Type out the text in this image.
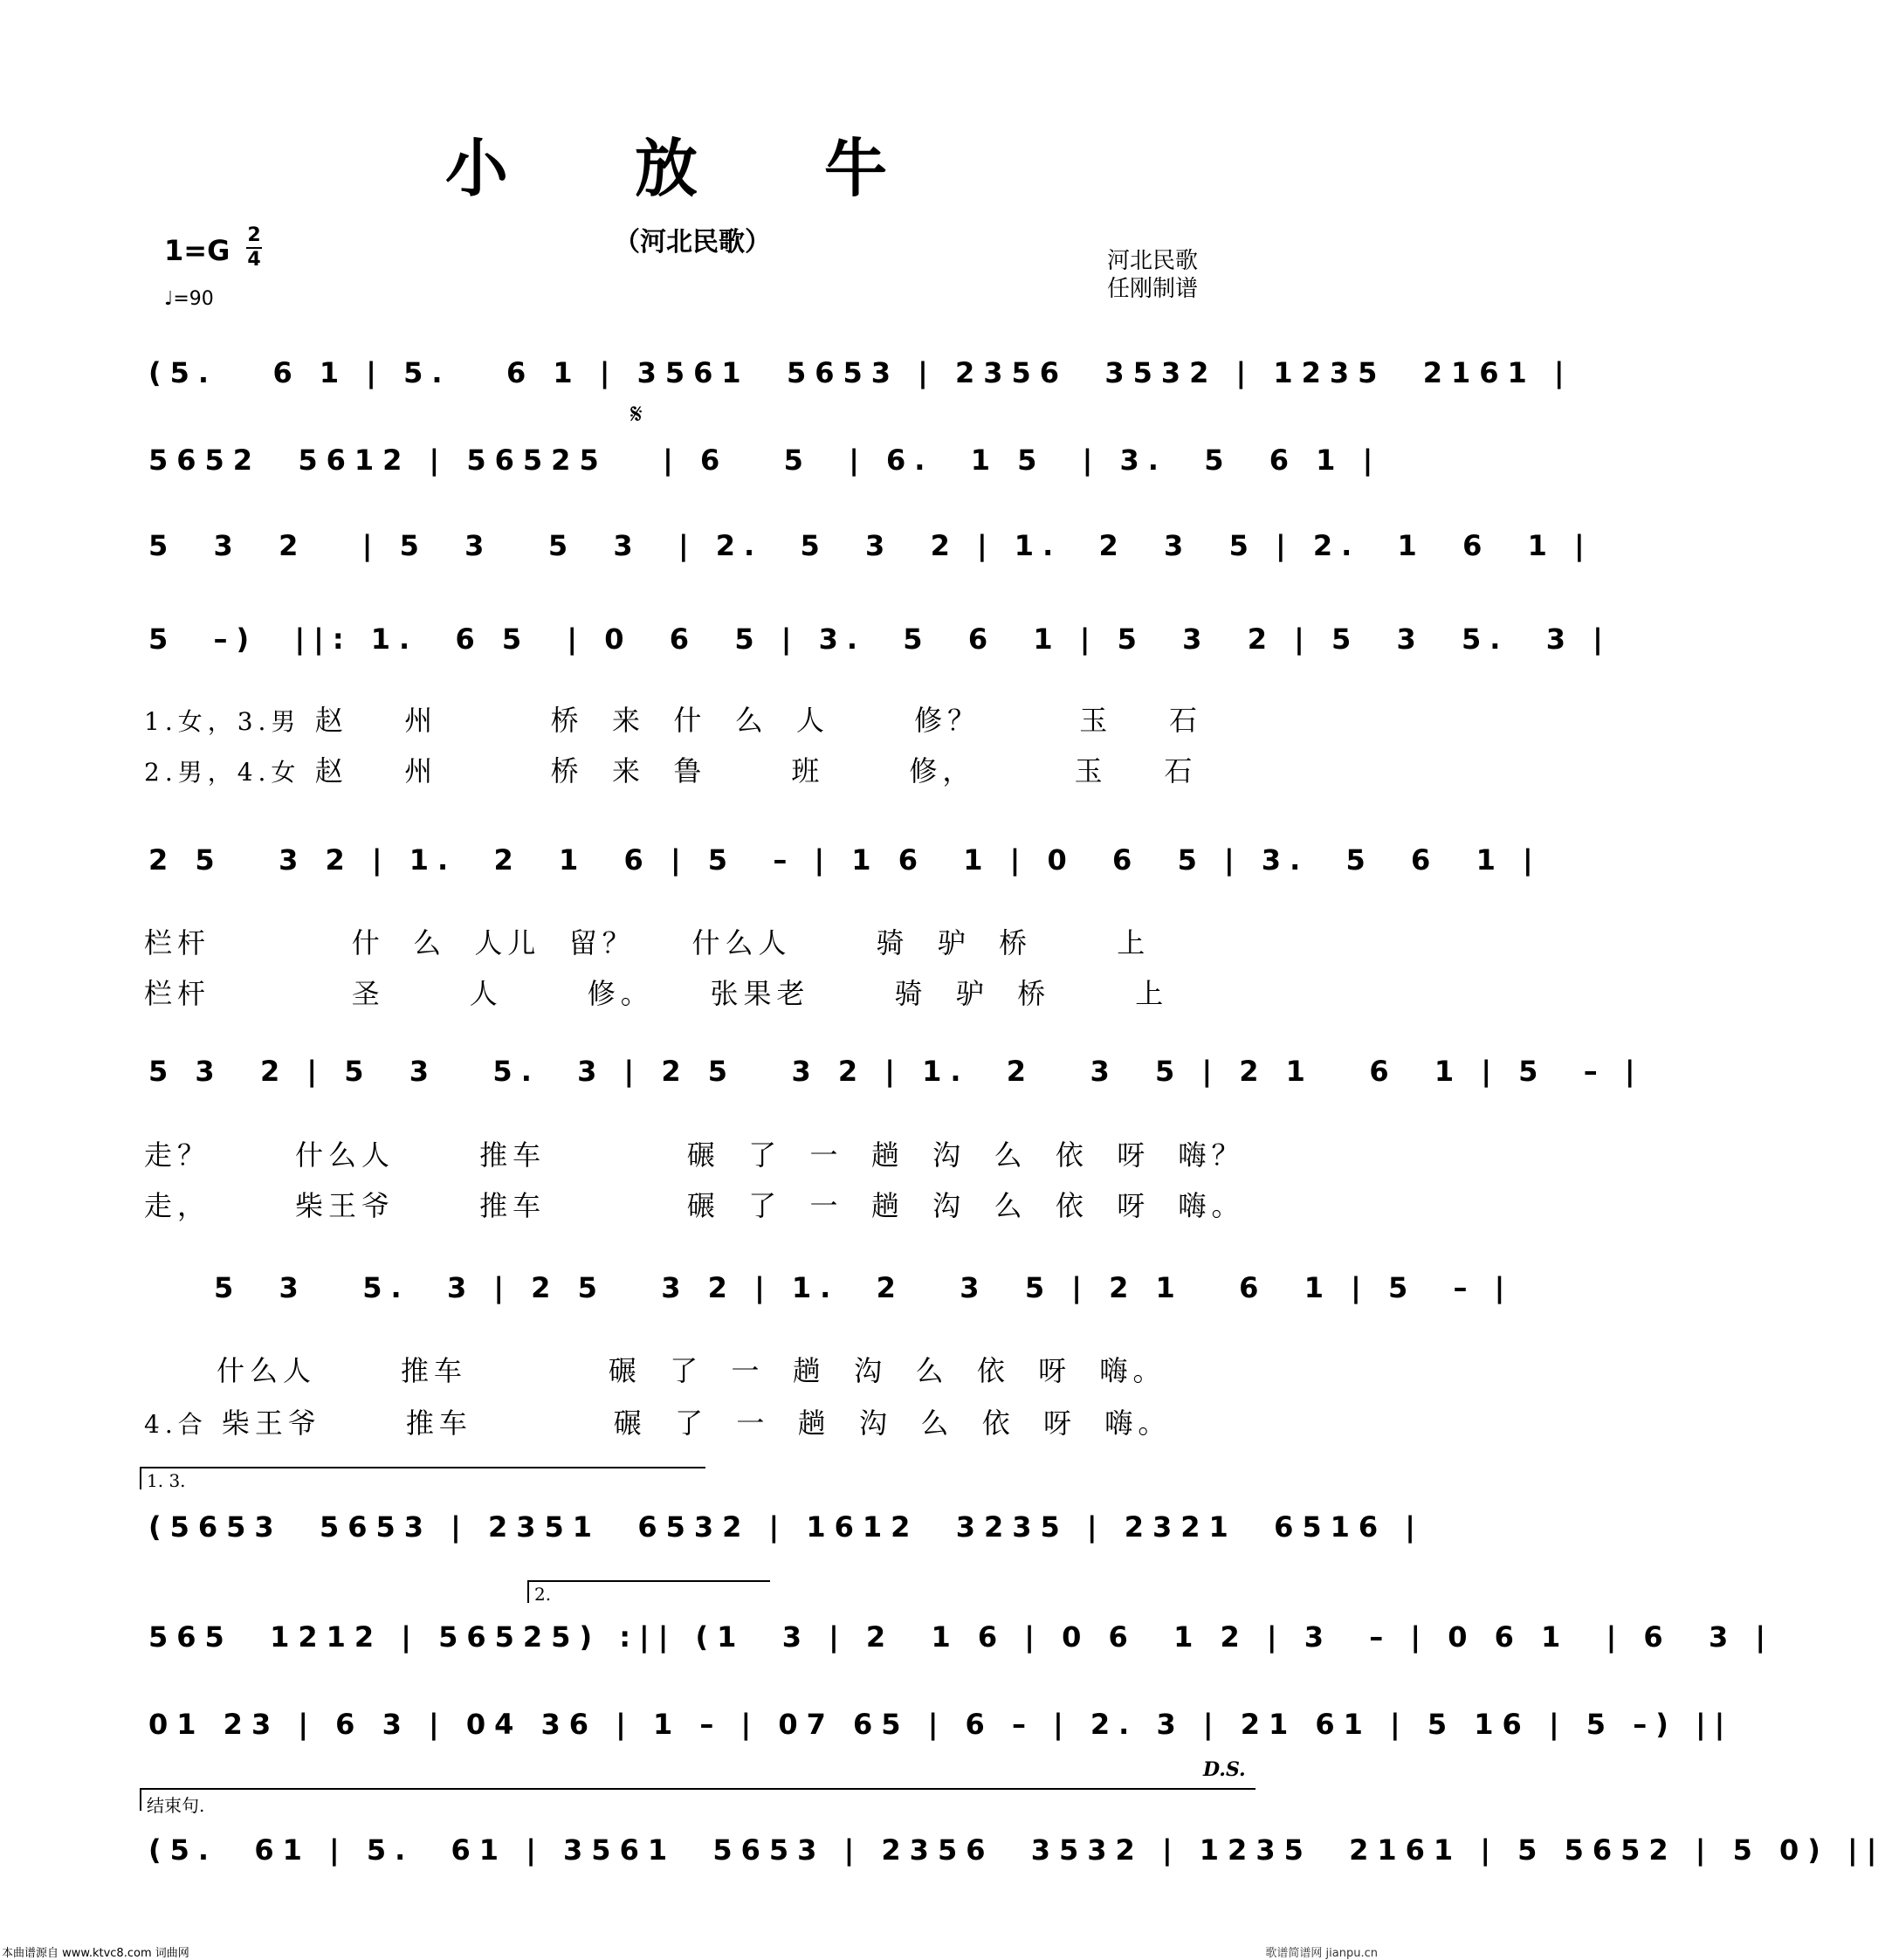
小 放 牛
（河北民歌）
1=G 2
4
♩=90
河北民歌
任刚制谱
(5.   6 1 | 5.   6 1 | 3561  5653 | 2356  3532 | 1235  2161 |
𝄋
5652  5612 | 56525   | 6   5  | 6.  1 5  | 3.  5  6 1 |
5  3  2   | 5  3   5  3  | 2.  5  3  2 | 1.  2  3  5 | 2.  1  6  1 |
5  –)  ||: 1.  6 5  | 0  6  5 | 3.  5  6  1 | 5  3  2 | 5  3  5.  3 |
1.女，3.男 赵    州        桥  来  什  么  人      修？       玉    石
2.男，4.女 赵    州        桥  来  鲁      班      修，       玉    石
2 5   3 2 | 1.  2  1  6 | 5  – | 1 6  1 | 0  6  5 | 3.  5  6  1 |
栏杆          什  么  人儿  留？    什么人      骑  驴  桥      上
栏杆          圣      人      修。    张果老      骑  驴  桥      上
5 3  2 | 5  3   5.  3 | 2 5   3 2 | 1.  2   3  5 | 2 1   6  1 | 5  – |
走？      什么人      推车          碾  了  一  趟  沟  么  依  呀  嗨？
走，      柴王爷      推车          碾  了  一  趟  沟  么  依  呀  嗨。
5  3   5.  3 | 2 5   3 2 | 1.  2   3  5 | 2 1   6  1 | 5  – |
什么人      推车          碾  了  一  趟  沟  么  依  呀  嗨。
4.合 柴王爷      推车          碾  了  一  趟  沟  么  依  呀  嗨。
1. 3.
(5653  5653 | 2351  6532 | 1612  3235 | 2321  6516 |
2.
565  1212 | 56525) :|| (1  3 | 2  1 6 | 0 6  1 2 | 3  – | 0 6 1  | 6  3 |
01 23 | 6 3 | 04 36 | 1 – | 07 65 | 6 – | 2. 3 | 21 61 | 5 16 | 5 –) ||
D.S.
结束句.
(5.  61 | 5.  61 | 3561  5653 | 2356  3532 | 1235  2161 | 5 5652 | 5 0) ||
本曲谱源自 www.ktvc8.com 词曲网	歌谱简谱网 jianpu.cn
